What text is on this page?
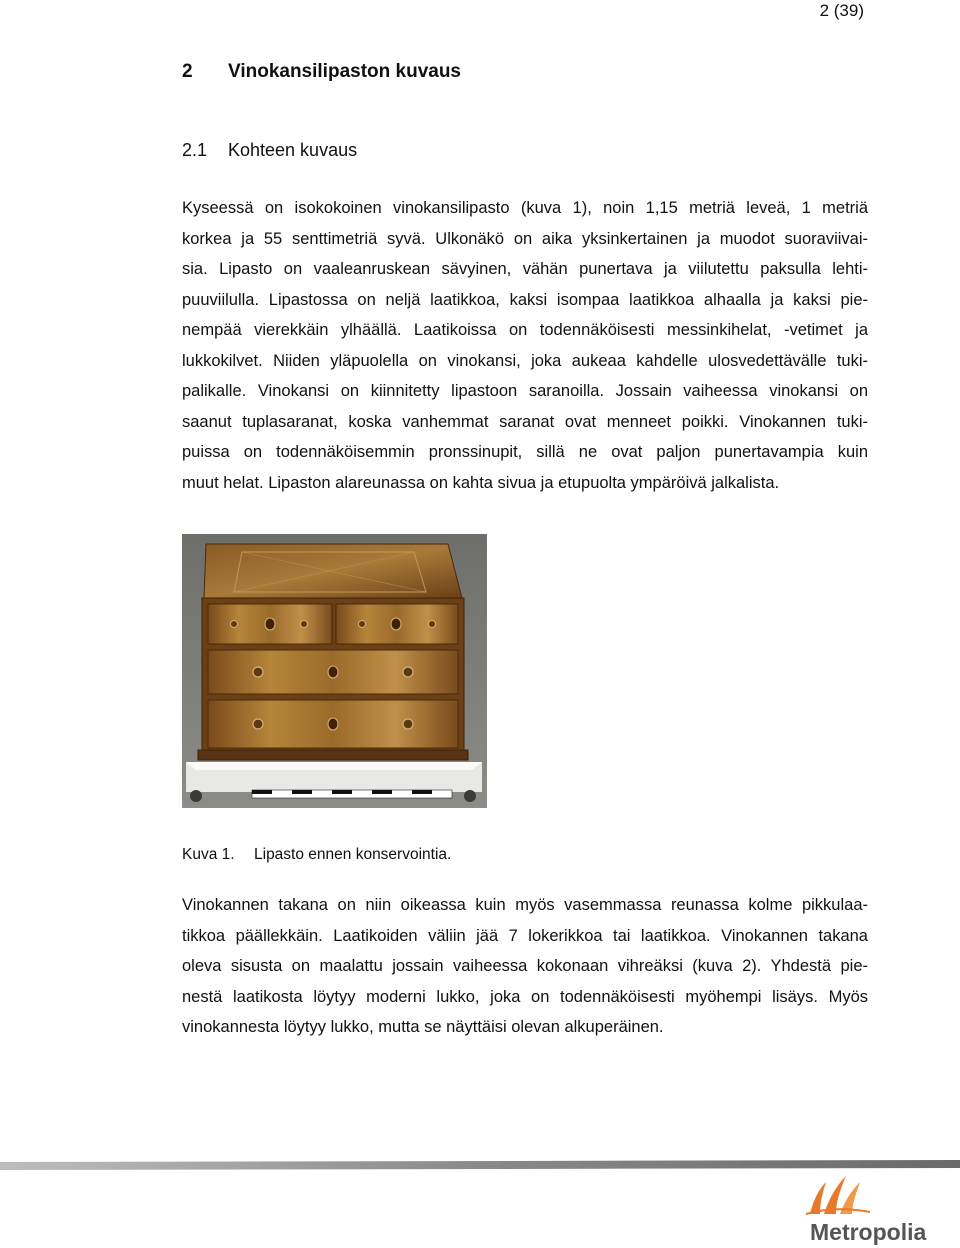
2 (39)
2 Vinokansilipaston kuvaus
2.1 Kohteen kuvaus

Kyseessä on isokokoinen vinokansilipasto (kuva 1), noin 1,15 metriä leveä, 1 metriä
korkea ja 55 senttimetriä syvä. Ulkonäkö on aika yksinkertainen ja muodot suoraviivai-
sia. Lipasto on vaaleanruskean sävyinen, vähän punertava ja viilutettu paksulla lehti-
puuviilulla. Lipastossa on neljä laatikkoa, kaksi isompaa laatikkoa alhaalla ja kaksi pie-
nempää vierekkäin ylhäällä. Laatikoissa on todennäköisesti messinkihelat, -vetimet ja
lukkokilvet. Niiden yläpuolella on vinokansi, joka aukeaa kahdelle ulosvedettävälle tuki-
palikalle. Vinokansi on kiinnitetty lipastoon saranoilla. Jossain vaiheessa vinokansi on
saanut tuplasaranat, koska vanhemmat saranat ovat menneet poikki. Vinokannen tuki-
puissa on todennäköisemmin pronssinupit, sillä ne ovat paljon punertavampia kuin
muut helat. Lipaston alareunassa on kahta sivua ja etupuolta ympäröivä jalkalista.

Kuva 1. Lipasto ennen konservointia.

Vinokannen takana on niin oikeassa kuin myös vasemmassa reunassa kolme pikkulaa-
tikkoa päällekkäin. Laatikoiden väliin jää 7 lokerikkoa tai laatikkoa. Vinokannen takana
oleva sisusta on maalattu jossain vaiheessa kokonaan vihreäksi (kuva 2). Yhdestä pie-
nestä laatikosta löytyy moderni lukko, joka on todennäköisesti myöhempi lisäys. Myös
vinokannesta löytyy lukko, mutta se näyttäisi olevan alkuperäinen.

Metropolia
